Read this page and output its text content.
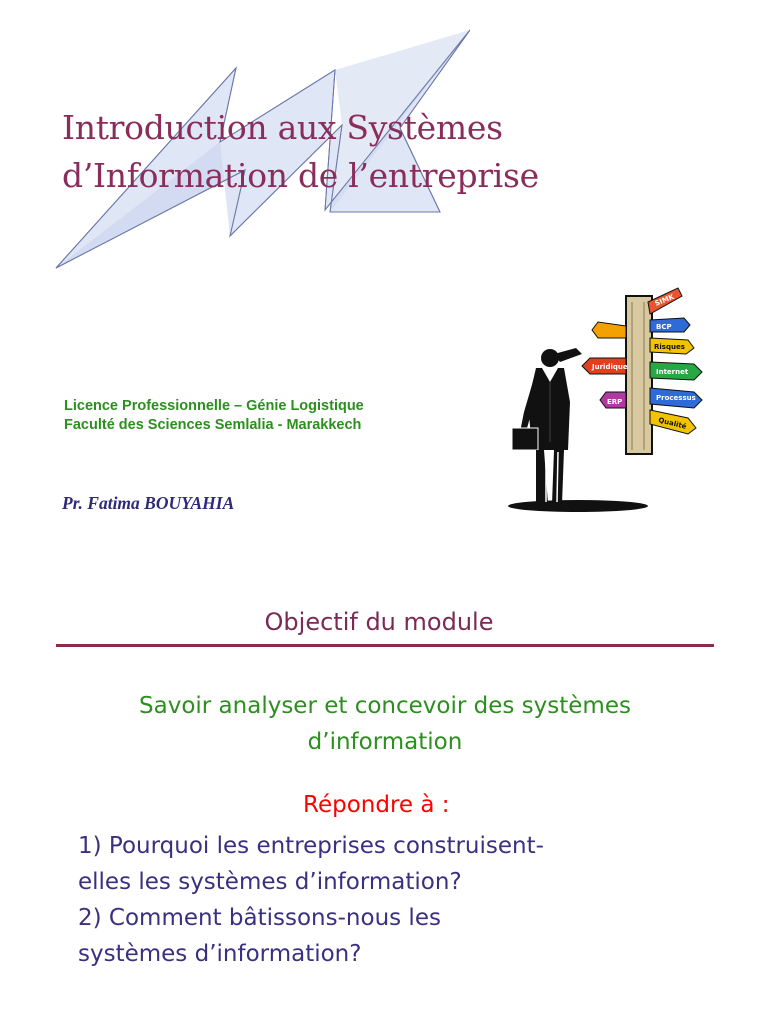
Introduction aux Systèmes
d’Information de l’entreprise
SIMK
BCP
Risques
Juridique
Internet
ERP	Processus
Qualité
Licence Professionnelle – Génie Logistique
Faculté des Sciences Semlalia - Marakkech
Pr. Fatima BOUYAHIA
Objectif du module
Savoir analyser et concevoir des systèmes
d’information
Répondre à :
1) Pourquoi les entreprises construisent-
elles les systèmes d’information?
2) Comment bâtissons-nous les
systèmes d’information?
